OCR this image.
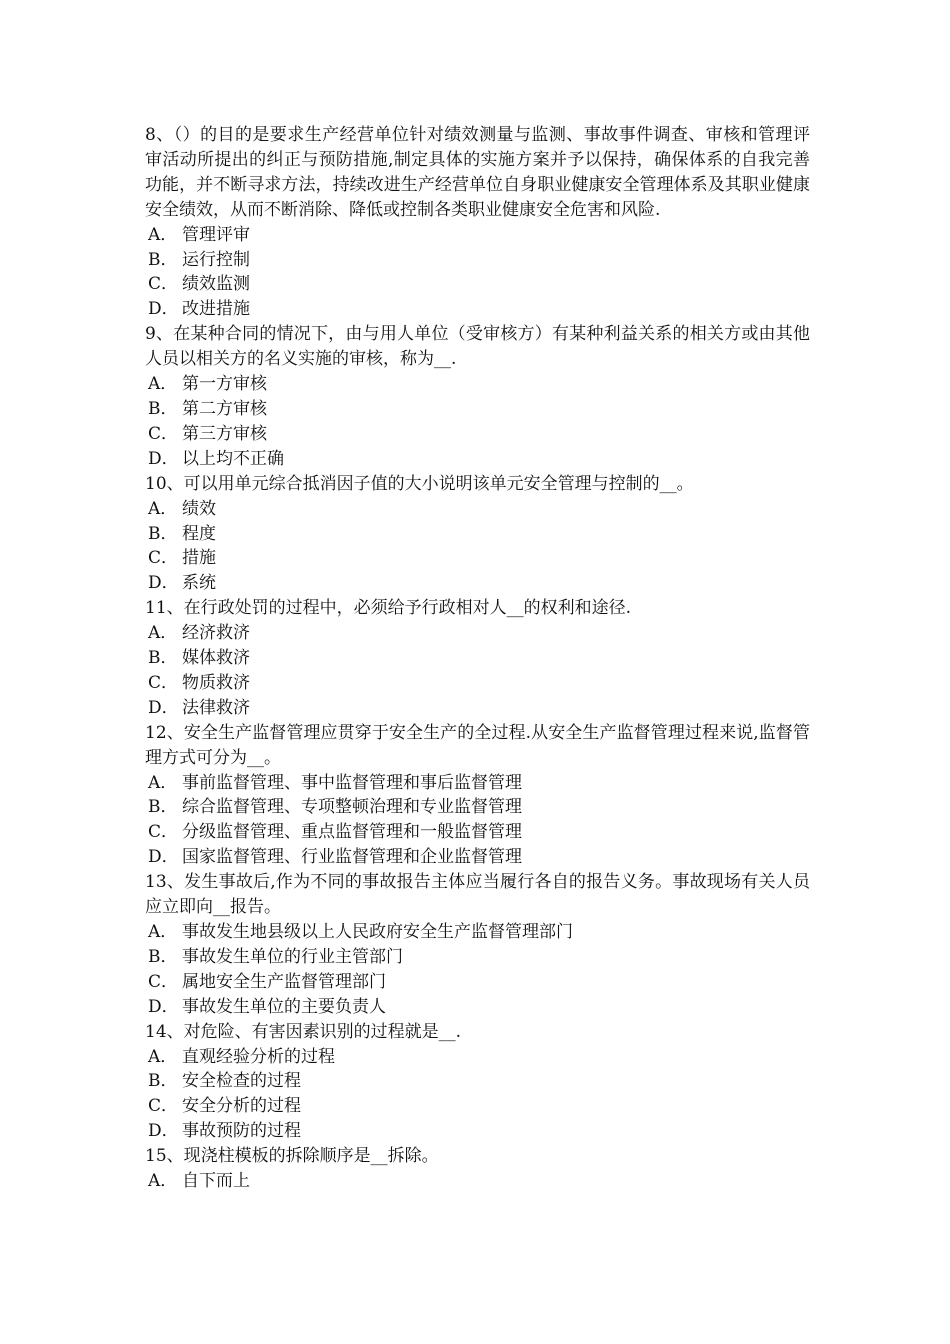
8、（）的目的是要求生产经营单位针对绩效测量与监测、事故事件调查、审核和管理评审活动所提出的纠正与预防措施,制定具体的实施方案并予以保持，确保体系的自我完善功能，并不断寻求方法，持续改进生产经营单位自身职业健康安全管理体系及其职业健康安全绩效，从而不断消除、降低或控制各类职业健康安全危害和风险.

A． 管理评审

B． 运行控制

C． 绩效监测

D． 改进措施

9、在某种合同的情况下，由与用人单位（受审核方）有某种利益关系的相关方或由其他人员以相关方的名义实施的审核，称为__.

A． 第一方审核

B． 第二方审核

C． 第三方审核

D． 以上均不正确

10、可以用单元综合抵消因子值的大小说明该单元安全管理与控制的__。

A． 绩效

B． 程度

C． 措施

D． 系统

11、在行政处罚的过程中，必须给予行政相对人__的权利和途径.

A． 经济救济

B． 媒体救济

C． 物质救济

D． 法律救济

12、安全生产监督管理应贯穿于安全生产的全过程.从安全生产监督管理过程来说,监督管理方式可分为__。

A． 事前监督管理、事中监督管理和事后监督管理

B． 综合监督管理、专项整顿治理和专业监督管理

C． 分级监督管理、重点监督管理和一般监督管理

D． 国家监督管理、行业监督管理和企业监督管理

13、发生事故后,作为不同的事故报告主体应当履行各自的报告义务。事故现场有关人员应立即向__报告。

A． 事故发生地县级以上人民政府安全生产监督管理部门

B． 事故发生单位的行业主管部门

C． 属地安全生产监督管理部门

D． 事故发生单位的主要负责人

14、对危险、有害因素识别的过程就是__.

A． 直观经验分析的过程

B． 安全检查的过程

C． 安全分析的过程

D． 事故预防的过程

15、现浇柱模板的拆除顺序是__拆除。

A． 自下而上
